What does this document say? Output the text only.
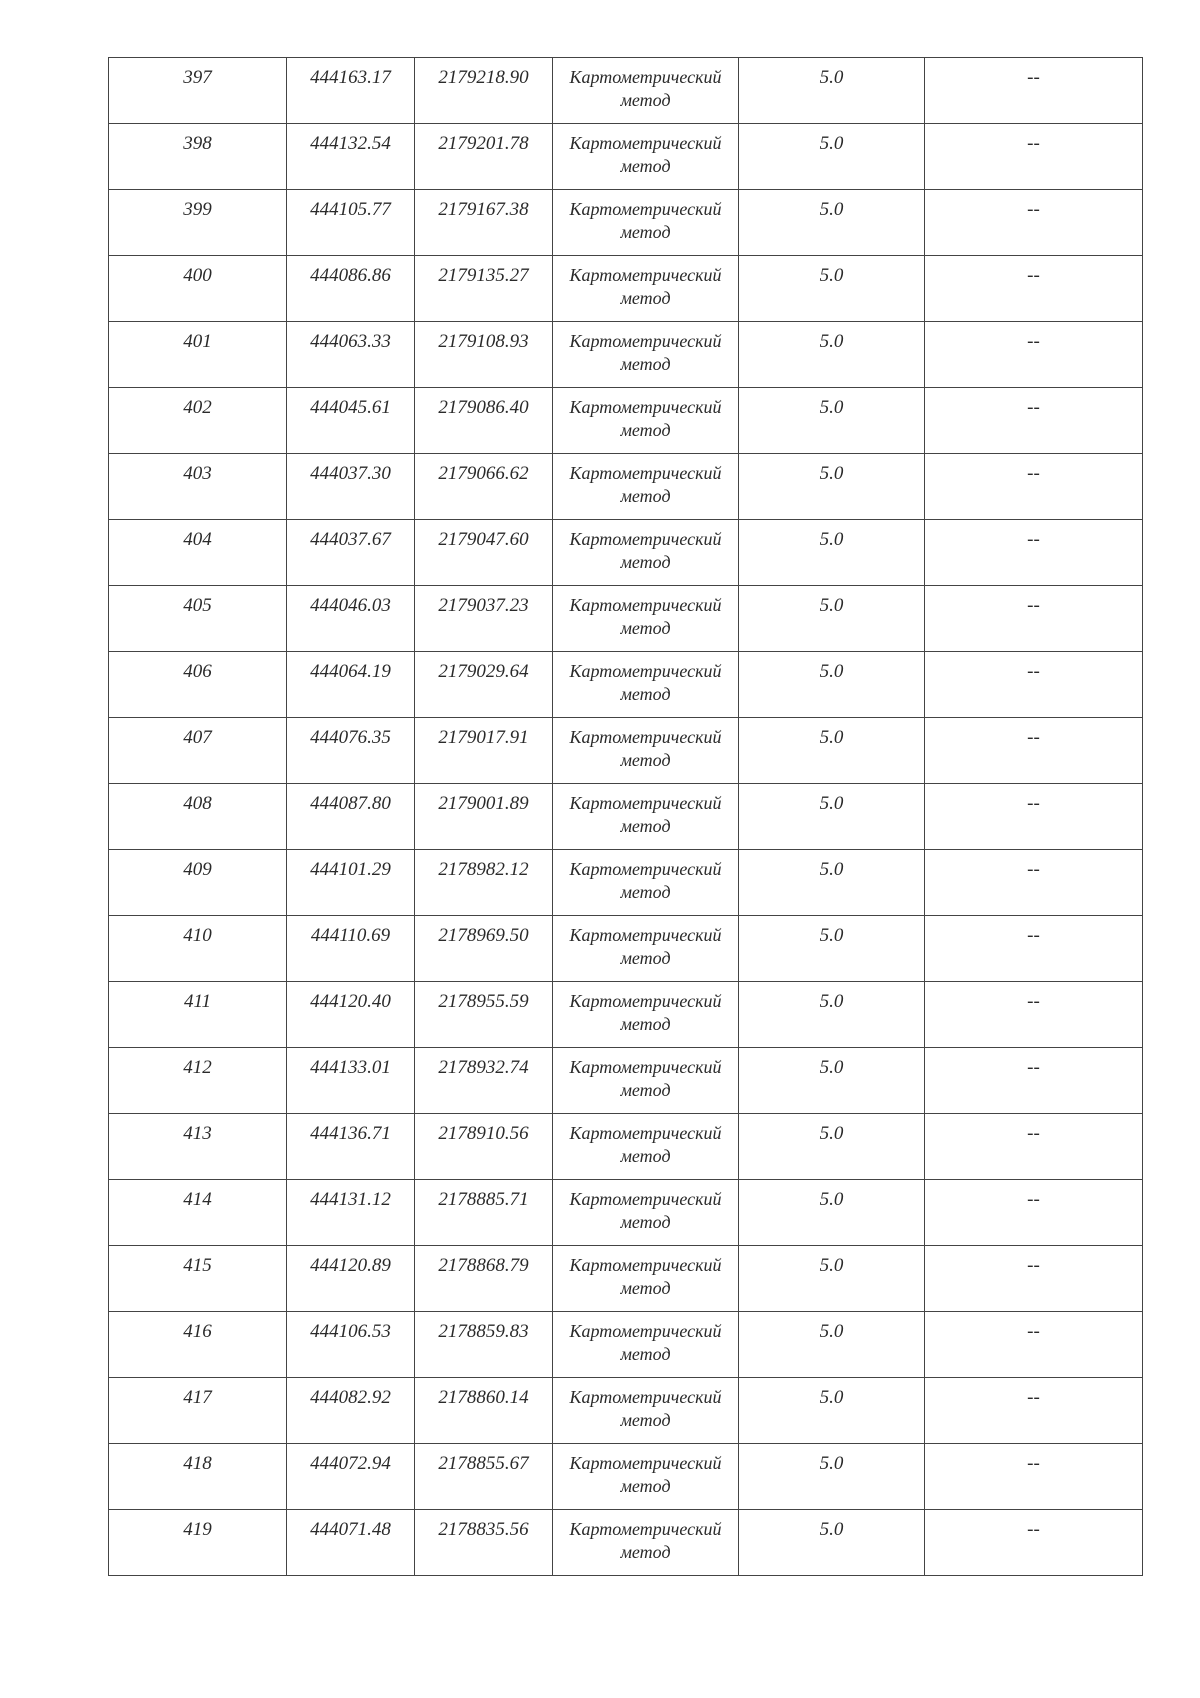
397	444163.17	2179218.90	Картометрический метод	5.0	--
398	444132.54	2179201.78	Картометрический метод	5.0	--
399	444105.77	2179167.38	Картометрический метод	5.0	--
400	444086.86	2179135.27	Картометрический метод	5.0	--
401	444063.33	2179108.93	Картометрический метод	5.0	--
402	444045.61	2179086.40	Картометрический метод	5.0	--
403	444037.30	2179066.62	Картометрический метод	5.0	--
404	444037.67	2179047.60	Картометрический метод	5.0	--
405	444046.03	2179037.23	Картометрический метод	5.0	--
406	444064.19	2179029.64	Картометрический метод	5.0	--
407	444076.35	2179017.91	Картометрический метод	5.0	--
408	444087.80	2179001.89	Картометрический метод	5.0	--
409	444101.29	2178982.12	Картометрический метод	5.0	--
410	444110.69	2178969.50	Картометрический метод	5.0	--
411	444120.40	2178955.59	Картометрический метод	5.0	--
412	444133.01	2178932.74	Картометрический метод	5.0	--
413	444136.71	2178910.56	Картометрический метод	5.0	--
414	444131.12	2178885.71	Картометрический метод	5.0	--
415	444120.89	2178868.79	Картометрический метод	5.0	--
416	444106.53	2178859.83	Картометрический метод	5.0	--
417	444082.92	2178860.14	Картометрический метод	5.0	--
418	444072.94	2178855.67	Картометрический метод	5.0	--
419	444071.48	2178835.56	Картометрический метод	5.0	--
